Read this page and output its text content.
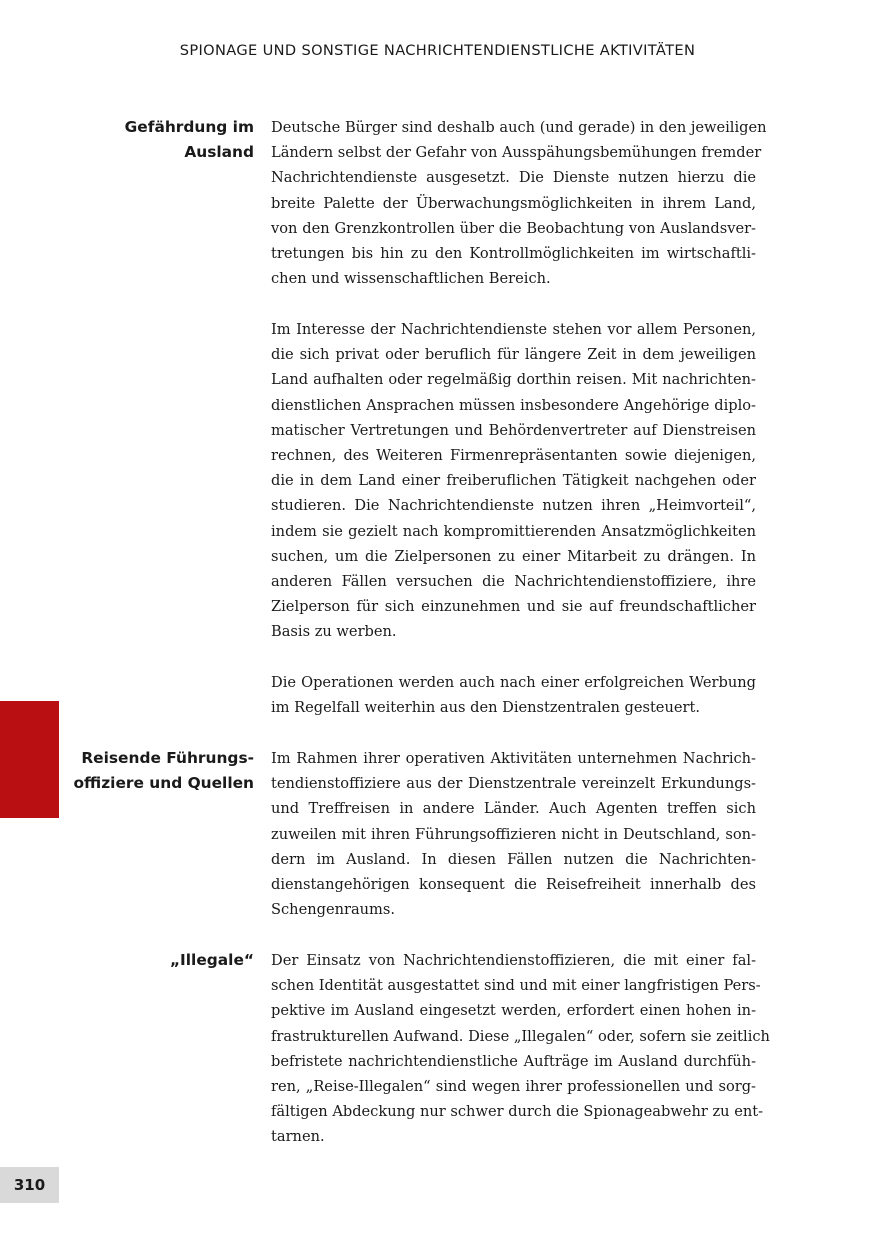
SPIONAGE UND SONSTIGE NACHRICHTENDIENSTLICHE AKTIVITÄTEN
Gefährdung im
Ausland
Deutsche Bürger sind deshalb auch (und gerade) in den jeweiligen
Ländern selbst der Gefahr von Ausspähungsbemühungen fremder
Nachrichtendienste ausgesetzt. Die Dienste nutzen hierzu die
breite Palette der Überwachungsmöglichkeiten in ihrem Land,
von den Grenzkontrollen über die Beobachtung von Auslandsver-
tretungen bis hin zu den Kontrollmöglichkeiten im wirtschaftli-
chen und wissenschaftlichen Bereich.
Im Interesse der Nachrichtendienste stehen vor allem Personen,
die sich privat oder beruflich für längere Zeit in dem jeweiligen
Land aufhalten oder regelmäßig dorthin reisen. Mit nachrichten-
dienstlichen Ansprachen müssen insbesondere Angehörige diplo-
matischer Vertretungen und Behördenvertreter auf Dienstreisen
rechnen, des Weiteren Firmenrepräsentanten sowie diejenigen,
die in dem Land einer freiberuflichen Tätigkeit nachgehen oder
studieren. Die Nachrichtendienste nutzen ihren „Heimvorteil“,
indem sie gezielt nach kompromittierenden Ansatzmöglichkeiten
suchen, um die Zielpersonen zu einer Mitarbeit zu drängen. In
anderen Fällen versuchen die Nachrichtendienstoffiziere, ihre
Zielperson für sich einzunehmen und sie auf freundschaftlicher
Basis zu werben.
Die Operationen werden auch nach einer erfolgreichen Werbung
im Regelfall weiterhin aus den Dienstzentralen gesteuert.
Reisende Führungs-
offiziere und Quellen
Im Rahmen ihrer operativen Aktivitäten unternehmen Nachrich-
tendienstoffiziere aus der Dienstzentrale vereinzelt Erkundungs-
und Treffreisen in andere Länder. Auch Agenten treffen sich
zuweilen mit ihren Führungsoffizieren nicht in Deutschland, son-
dern im Ausland. In diesen Fällen nutzen die Nachrichten-
dienstangehörigen konsequent die Reisefreiheit innerhalb des
Schengenraums.
„Illegale“ Der Einsatz von Nachrichtendienstoffizieren, die mit einer fal-
schen Identität ausgestattet sind und mit einer langfristigen Pers-
pektive im Ausland eingesetzt werden, erfordert einen hohen in-
frastrukturellen Aufwand. Diese „Illegalen“ oder, sofern sie zeitlich
befristete nachrichtendienstliche Aufträge im Ausland durchfüh-
ren, „Reise-Illegalen“ sind wegen ihrer professionellen und sorg-
fältigen Abdeckung nur schwer durch die Spionageabwehr zu ent-
tarnen.
310
